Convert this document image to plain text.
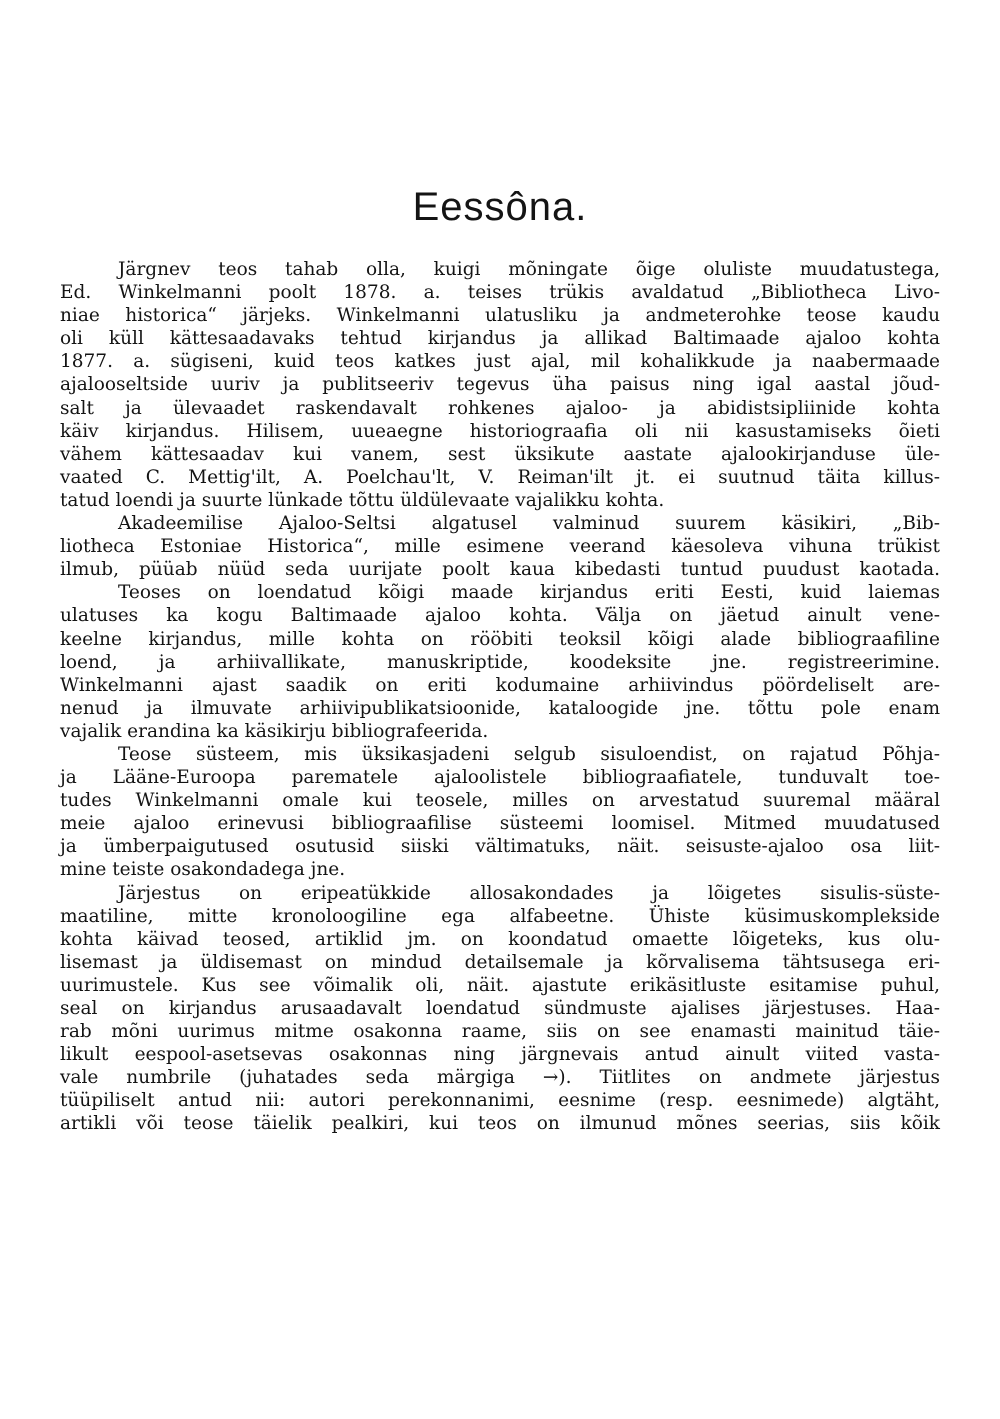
Eessôna.
Järgnev teos tahab olla, kuigi mõningate õige oluliste muudatustega,
Ed. Winkelmanni poolt 1878. a. teises trükis avaldatud „Bibliotheca Livo-
niae historica“ järjeks. Winkelmanni ulatusliku ja andmeterohke teose kaudu
oli küll kättesaadavaks tehtud kirjandus ja allikad Baltimaade ajaloo kohta
1877. a. sügiseni, kuid teos katkes just ajal, mil kohalikkude ja naabermaade
ajalooseltside uuriv ja publitseeriv tegevus üha paisus ning igal aastal jõud-
salt ja ülevaadet raskendavalt rohkenes ajaloo- ja abidistsipliinide kohta
käiv kirjandus. Hilisem, uueaegne historiograafia oli nii kasustamiseks õieti
vähem kättesaadav kui vanem, sest üksikute aastate ajalookirjanduse üle-
vaated C. Mettig'ilt, A. Poelchau'lt, V. Reiman'ilt jt. ei suutnud täita killus-
tatud loendi ja suurte lünkade tõttu üldülevaate vajalikku kohta.
Akadeemilise Ajaloo-Seltsi algatusel valminud suurem käsikiri, „Bib-
liotheca Estoniae Historica“, mille esimene veerand käesoleva vihuna trükist
ilmub, püüab nüüd seda uurijate poolt kaua kibedasti tuntud puudust kaotada.
Teoses on loendatud kõigi maade kirjandus eriti Eesti, kuid laiemas
ulatuses ka kogu Baltimaade ajaloo kohta. Välja on jäetud ainult vene-
keelne kirjandus, mille kohta on rööbiti teoksil kõigi alade bibliograafiline
loend, ja arhiivallikate, manuskriptide, koodeksite jne. registreerimine.
Winkelmanni ajast saadik on eriti kodumaine arhiivindus pöördeliselt are-
nenud ja ilmuvate arhiivipublikatsioonide, kataloogide jne. tõttu pole enam
vajalik erandina ka käsikirju bibliografeerida.
Teose süsteem, mis üksikasjadeni selgub sisuloendist, on rajatud Põhja-
ja Lääne-Euroopa parematele ajaloolistele bibliograafiatele, tunduvalt toe-
tudes Winkelmanni omale kui teosele, milles on arvestatud suuremal määral
meie ajaloo erinevusi bibliograafilise süsteemi loomisel. Mitmed muudatused
ja ümberpaigutused osutusid siiski vältimatuks, näit. seisuste-ajaloo osa liit-
mine teiste osakondadega jne.
Järjestus on eripeatükkide allosakondades ja lõigetes sisulis-süste-
maatiline, mitte kronoloogiline ega alfabeetne. Ühiste küsimuskomplekside
kohta käivad teosed, artiklid jm. on koondatud omaette lõigeteks, kus olu-
lisemast ja üldisemast on mindud detailsemale ja kõrvalisema tähtsusega eri-
uurimustele. Kus see võimalik oli, näit. ajastute erikäsitluste esitamise puhul,
seal on kirjandus arusaadavalt loendatud sündmuste ajalises järjestuses. Haa-
rab mõni uurimus mitme osakonna raame, siis on see enamasti mainitud täie-
likult eespool-asetsevas osakonnas ning järgnevais antud ainult viited vasta-
vale numbrile (juhatades seda märgiga →). Tiitlites on andmete järjestus
tüüpiliselt antud nii: autori perekonnanimi, eesnime (resp. eesnimede) algtäht,
artikli või teose täielik pealkiri, kui teos on ilmunud mõnes seerias, siis kõik
